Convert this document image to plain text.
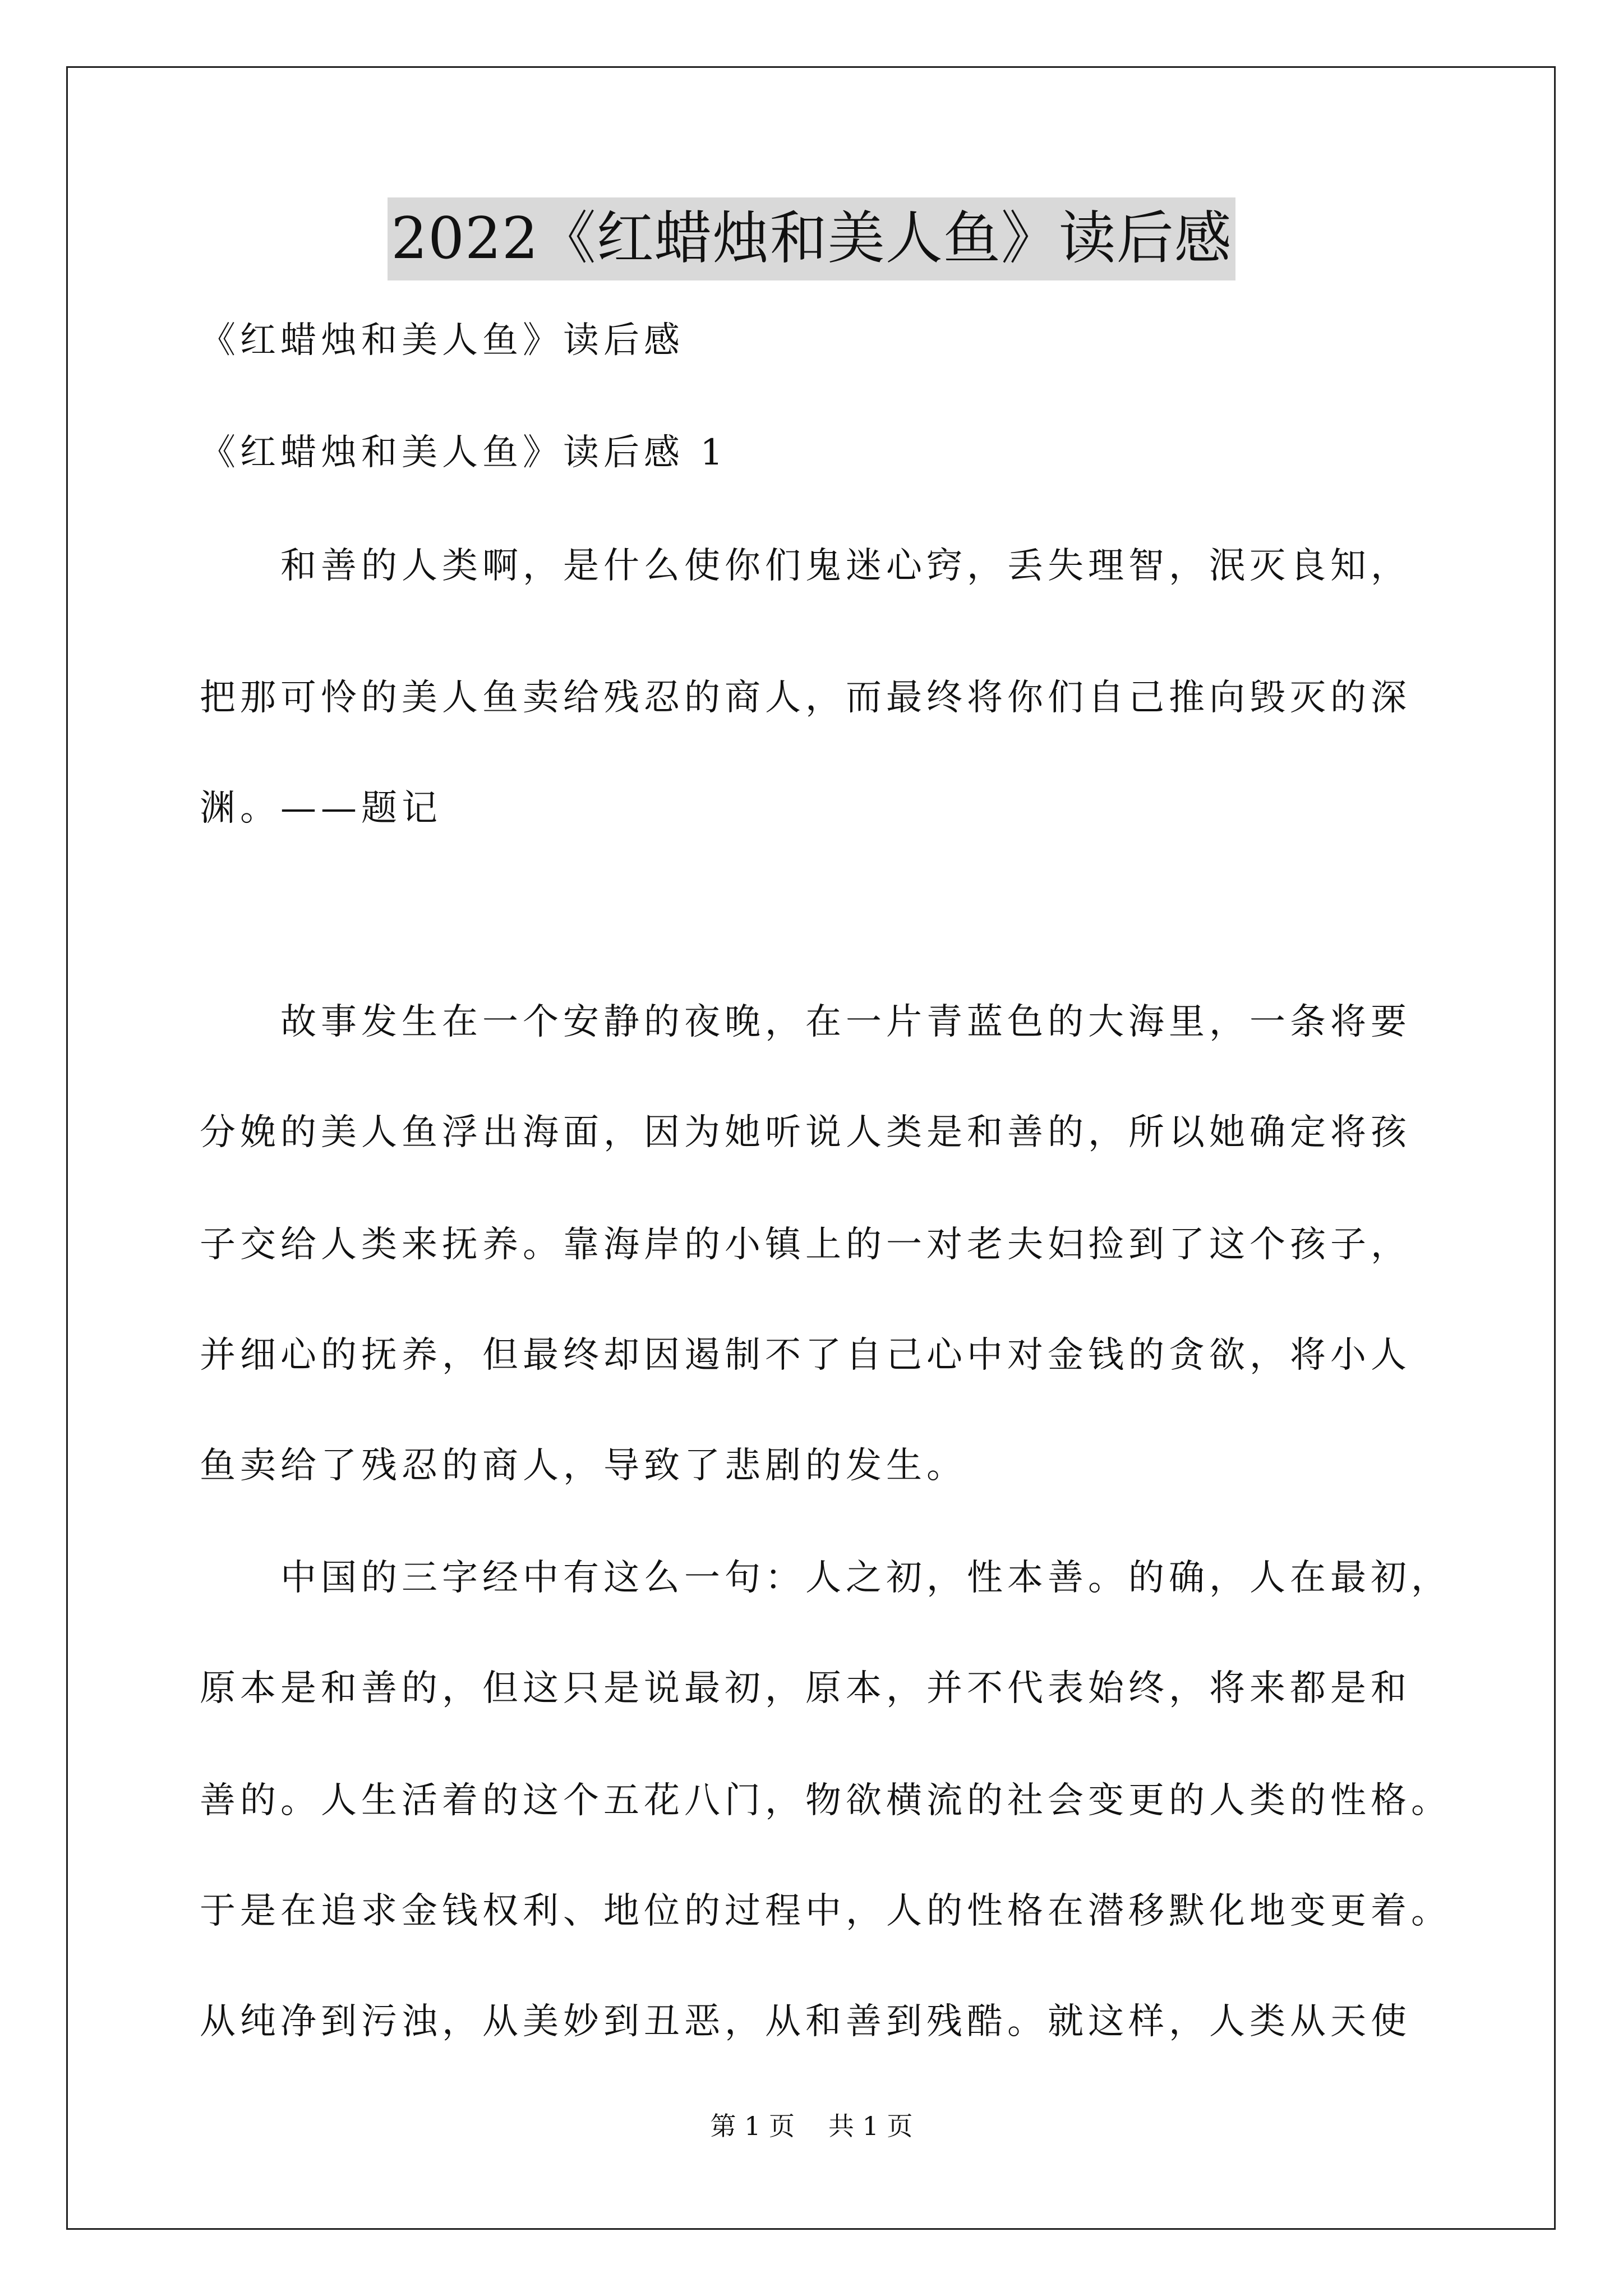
2022《红蜡烛和美人鱼》读后感
《红蜡烛和美人鱼》读后感
《红蜡烛和美人鱼》读后感 1
　　和善的人类啊，是什么使你们鬼迷心窍，丢失理智，泯灭良知，
把那可怜的美人鱼卖给残忍的商人，而最终将你们自己推向毁灭的深
渊。——题记
　　故事发生在一个安静的夜晚，在一片青蓝色的大海里，一条将要
分娩的美人鱼浮出海面，因为她听说人类是和善的，所以她确定将孩
子交给人类来抚养。靠海岸的小镇上的一对老夫妇捡到了这个孩子，
并细心的抚养，但最终却因遏制不了自己心中对金钱的贪欲，将小人
鱼卖给了残忍的商人，导致了悲剧的发生。
　　中国的三字经中有这么一句：人之初，性本善。的确，人在最初，
原本是和善的，但这只是说最初，原本，并不代表始终，将来都是和
善的。人生活着的这个五花八门，物欲横流的社会变更的人类的性格。
于是在追求金钱权利、地位的过程中，人的性格在潜移默化地变更着。
从纯净到污浊，从美妙到丑恶，从和善到残酷。就这样，人类从天使
第 1 页 共 1 页
